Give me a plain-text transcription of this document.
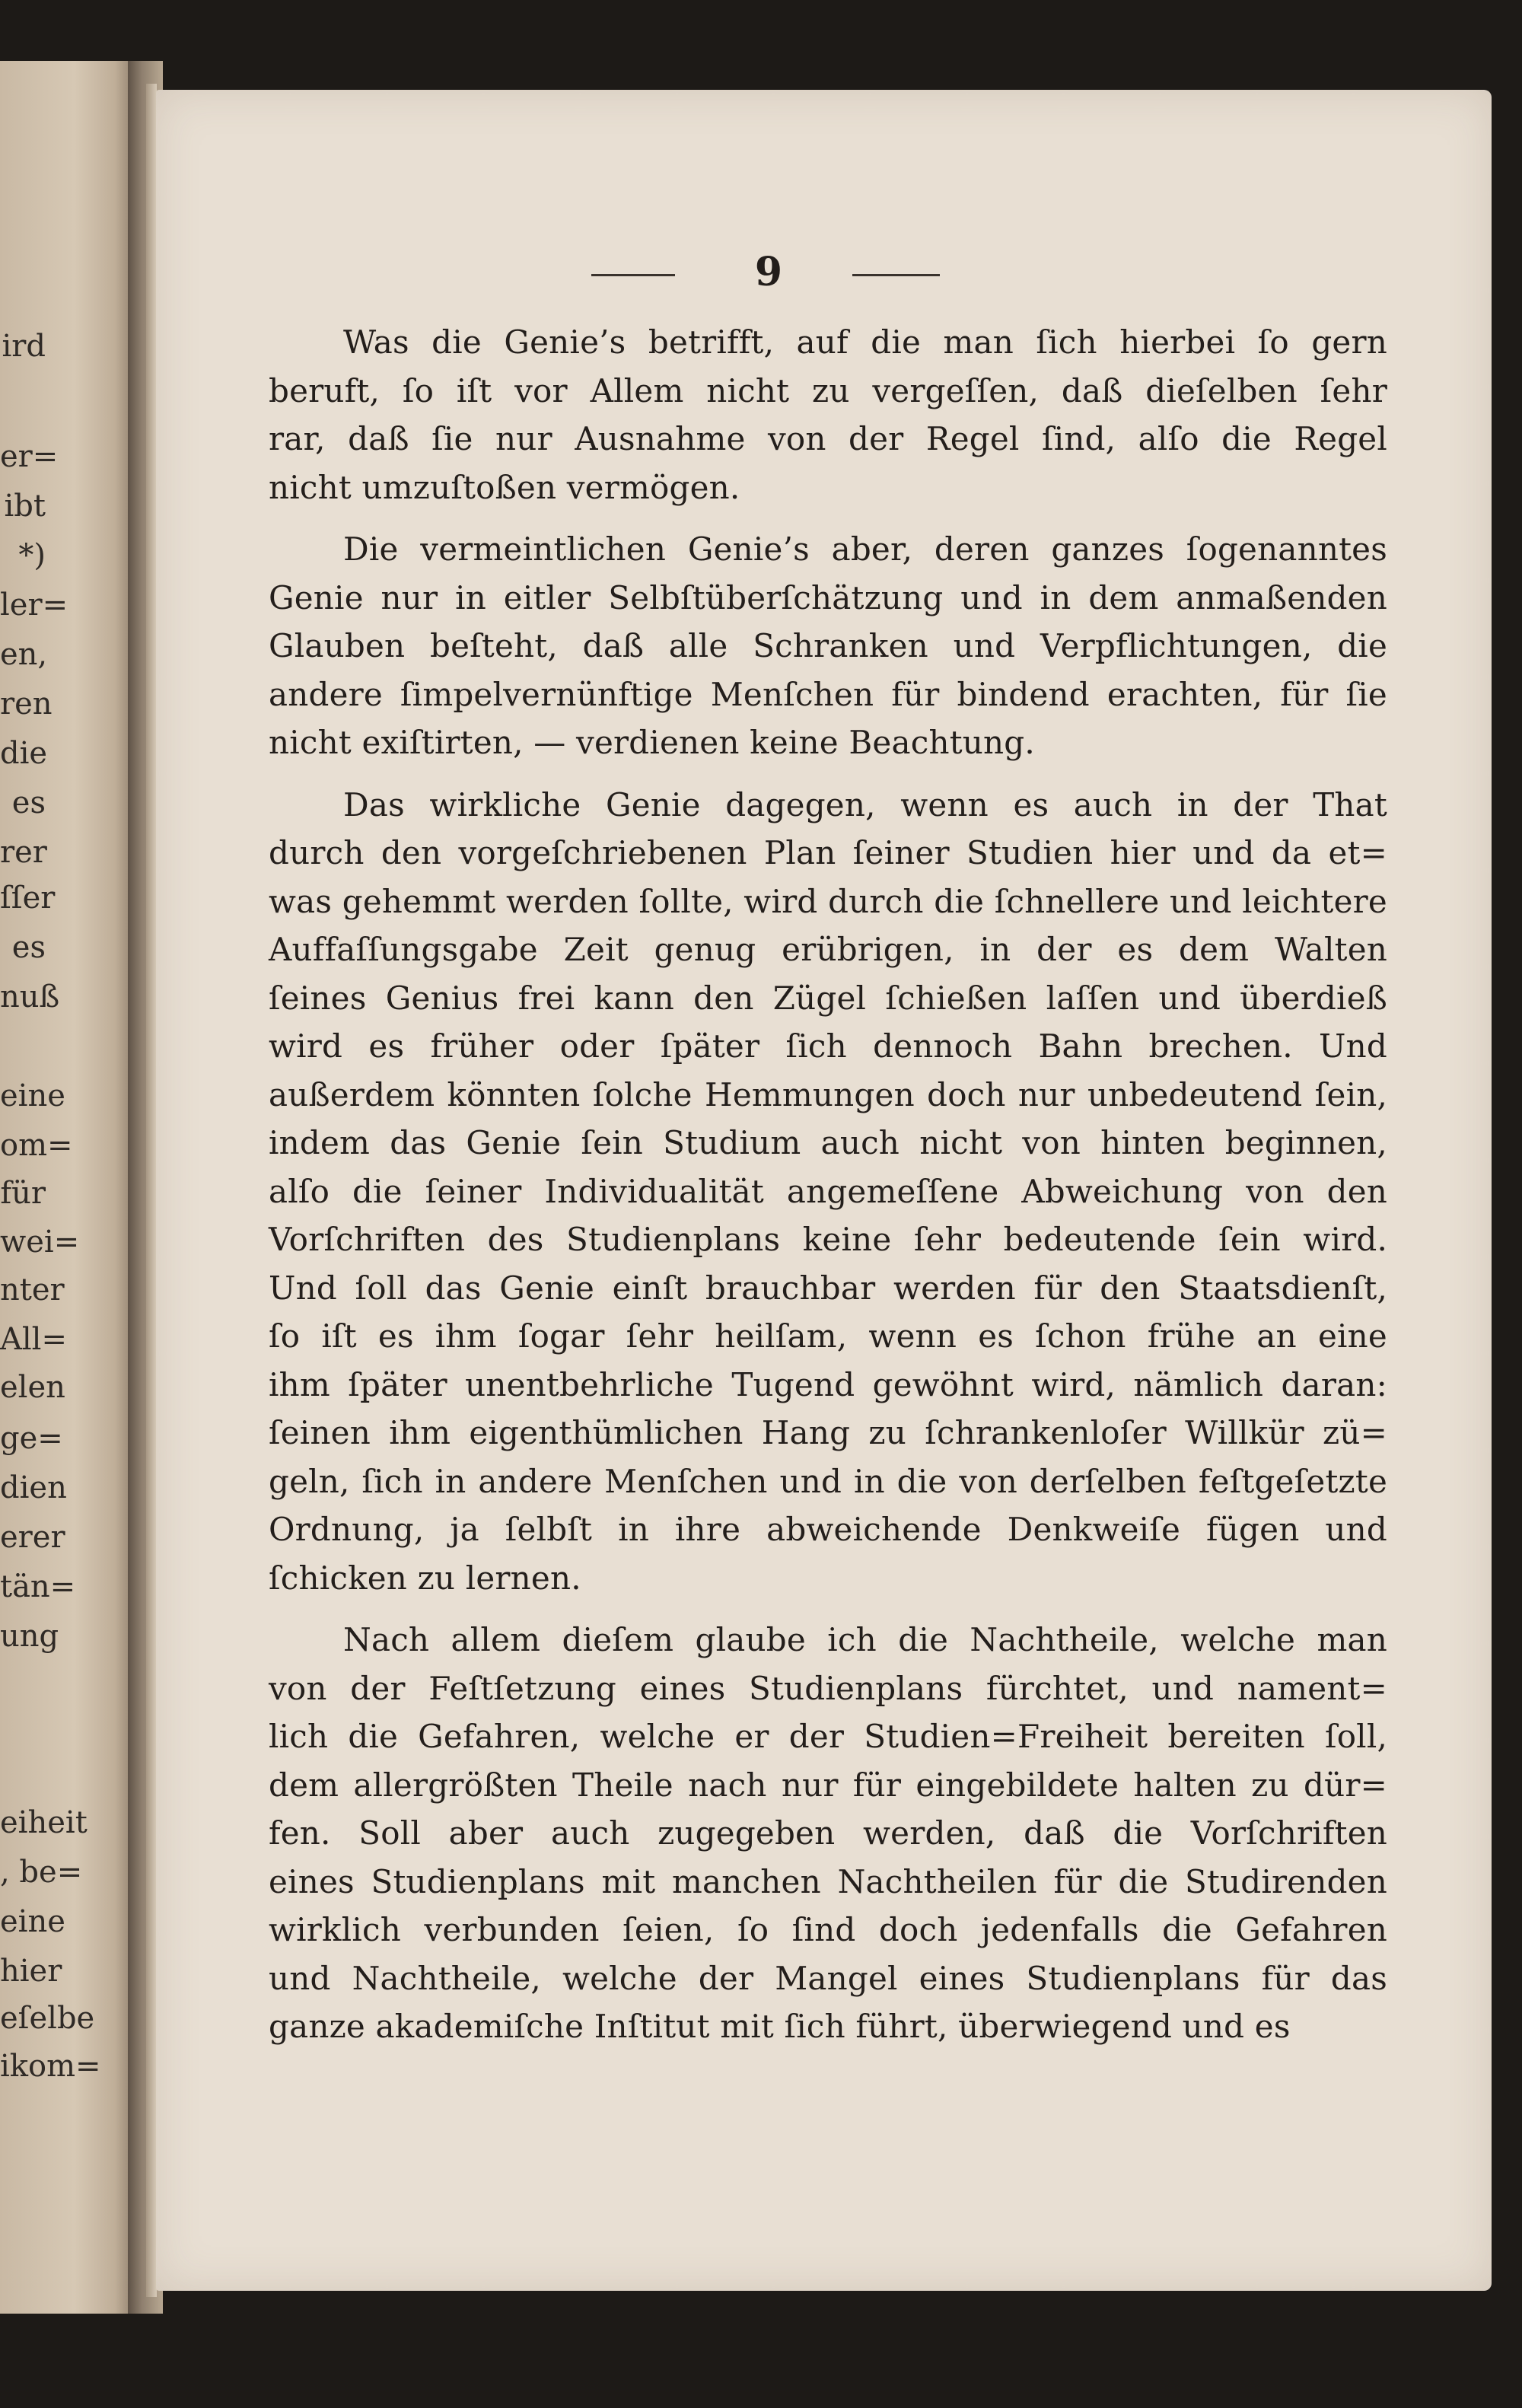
ird
er=
ibt
*)
ler=
en,
ren
die
es
rer
ſſer
es
nuß
eine
om=
für
wei=
nter
All=
elen
ge=
dien
erer
tän=
ung
eiheit
, be=
eine
hier
eſelbe
ikom=
9
Was die Genie’s betrifft, auf die man ſich hierbei ſo gern
beruft, ſo iſt vor Allem nicht zu vergeſſen, daß dieſelben ſehr
rar, daß ſie nur Ausnahme von der Regel ſind, alſo die Regel
nicht umzuſtoßen vermögen.
Die vermeintlichen Genie’s aber, deren ganzes ſogenanntes
Genie nur in eitler Selbſtüberſchätzung und in dem anmaßenden
Glauben beſteht, daß alle Schranken und Verpflichtungen, die
andere ſimpelvernünftige Menſchen für bindend erachten, für ſie
nicht exiſtirten, — verdienen keine Beachtung.
Das wirkliche Genie dagegen, wenn es auch in der That
durch den vorgeſchriebenen Plan ſeiner Studien hier und da et=
was gehemmt werden ſollte, wird durch die ſchnellere und leichtere
Auffaſſungsgabe Zeit genug erübrigen, in der es dem Walten
ſeines Genius frei kann den Zügel ſchießen laſſen und überdieß
wird es früher oder ſpäter ſich dennoch Bahn brechen. Und
außerdem könnten ſolche Hemmungen doch nur unbedeutend ſein,
indem das Genie ſein Studium auch nicht von hinten beginnen,
alſo die ſeiner Individualität angemeſſene Abweichung von den
Vorſchriften des Studienplans keine ſehr bedeutende ſein wird.
Und ſoll das Genie einſt brauchbar werden für den Staatsdienſt,
ſo iſt es ihm ſogar ſehr heilſam, wenn es ſchon frühe an eine
ihm ſpäter unentbehrliche Tugend gewöhnt wird, nämlich daran:
ſeinen ihm eigenthümlichen Hang zu ſchrankenloſer Willkür zü=
geln, ſich in andere Menſchen und in die von derſelben feſtgeſetzte
Ordnung, ja ſelbſt in ihre abweichende Denkweiſe fügen und
ſchicken zu lernen.
Nach allem dieſem glaube ich die Nachtheile, welche man
von der Feſtſetzung eines Studienplans fürchtet, und nament=
lich die Gefahren, welche er der Studien=Freiheit bereiten ſoll,
dem allergrößten Theile nach nur für eingebildete halten zu dür=
fen. Soll aber auch zugegeben werden, daß die Vorſchriften
eines Studienplans mit manchen Nachtheilen für die Studirenden
wirklich verbunden ſeien, ſo ſind doch jedenfalls die Gefahren
und Nachtheile, welche der Mangel eines Studienplans für das
ganze akademiſche Inſtitut mit ſich führt, überwiegend und es
